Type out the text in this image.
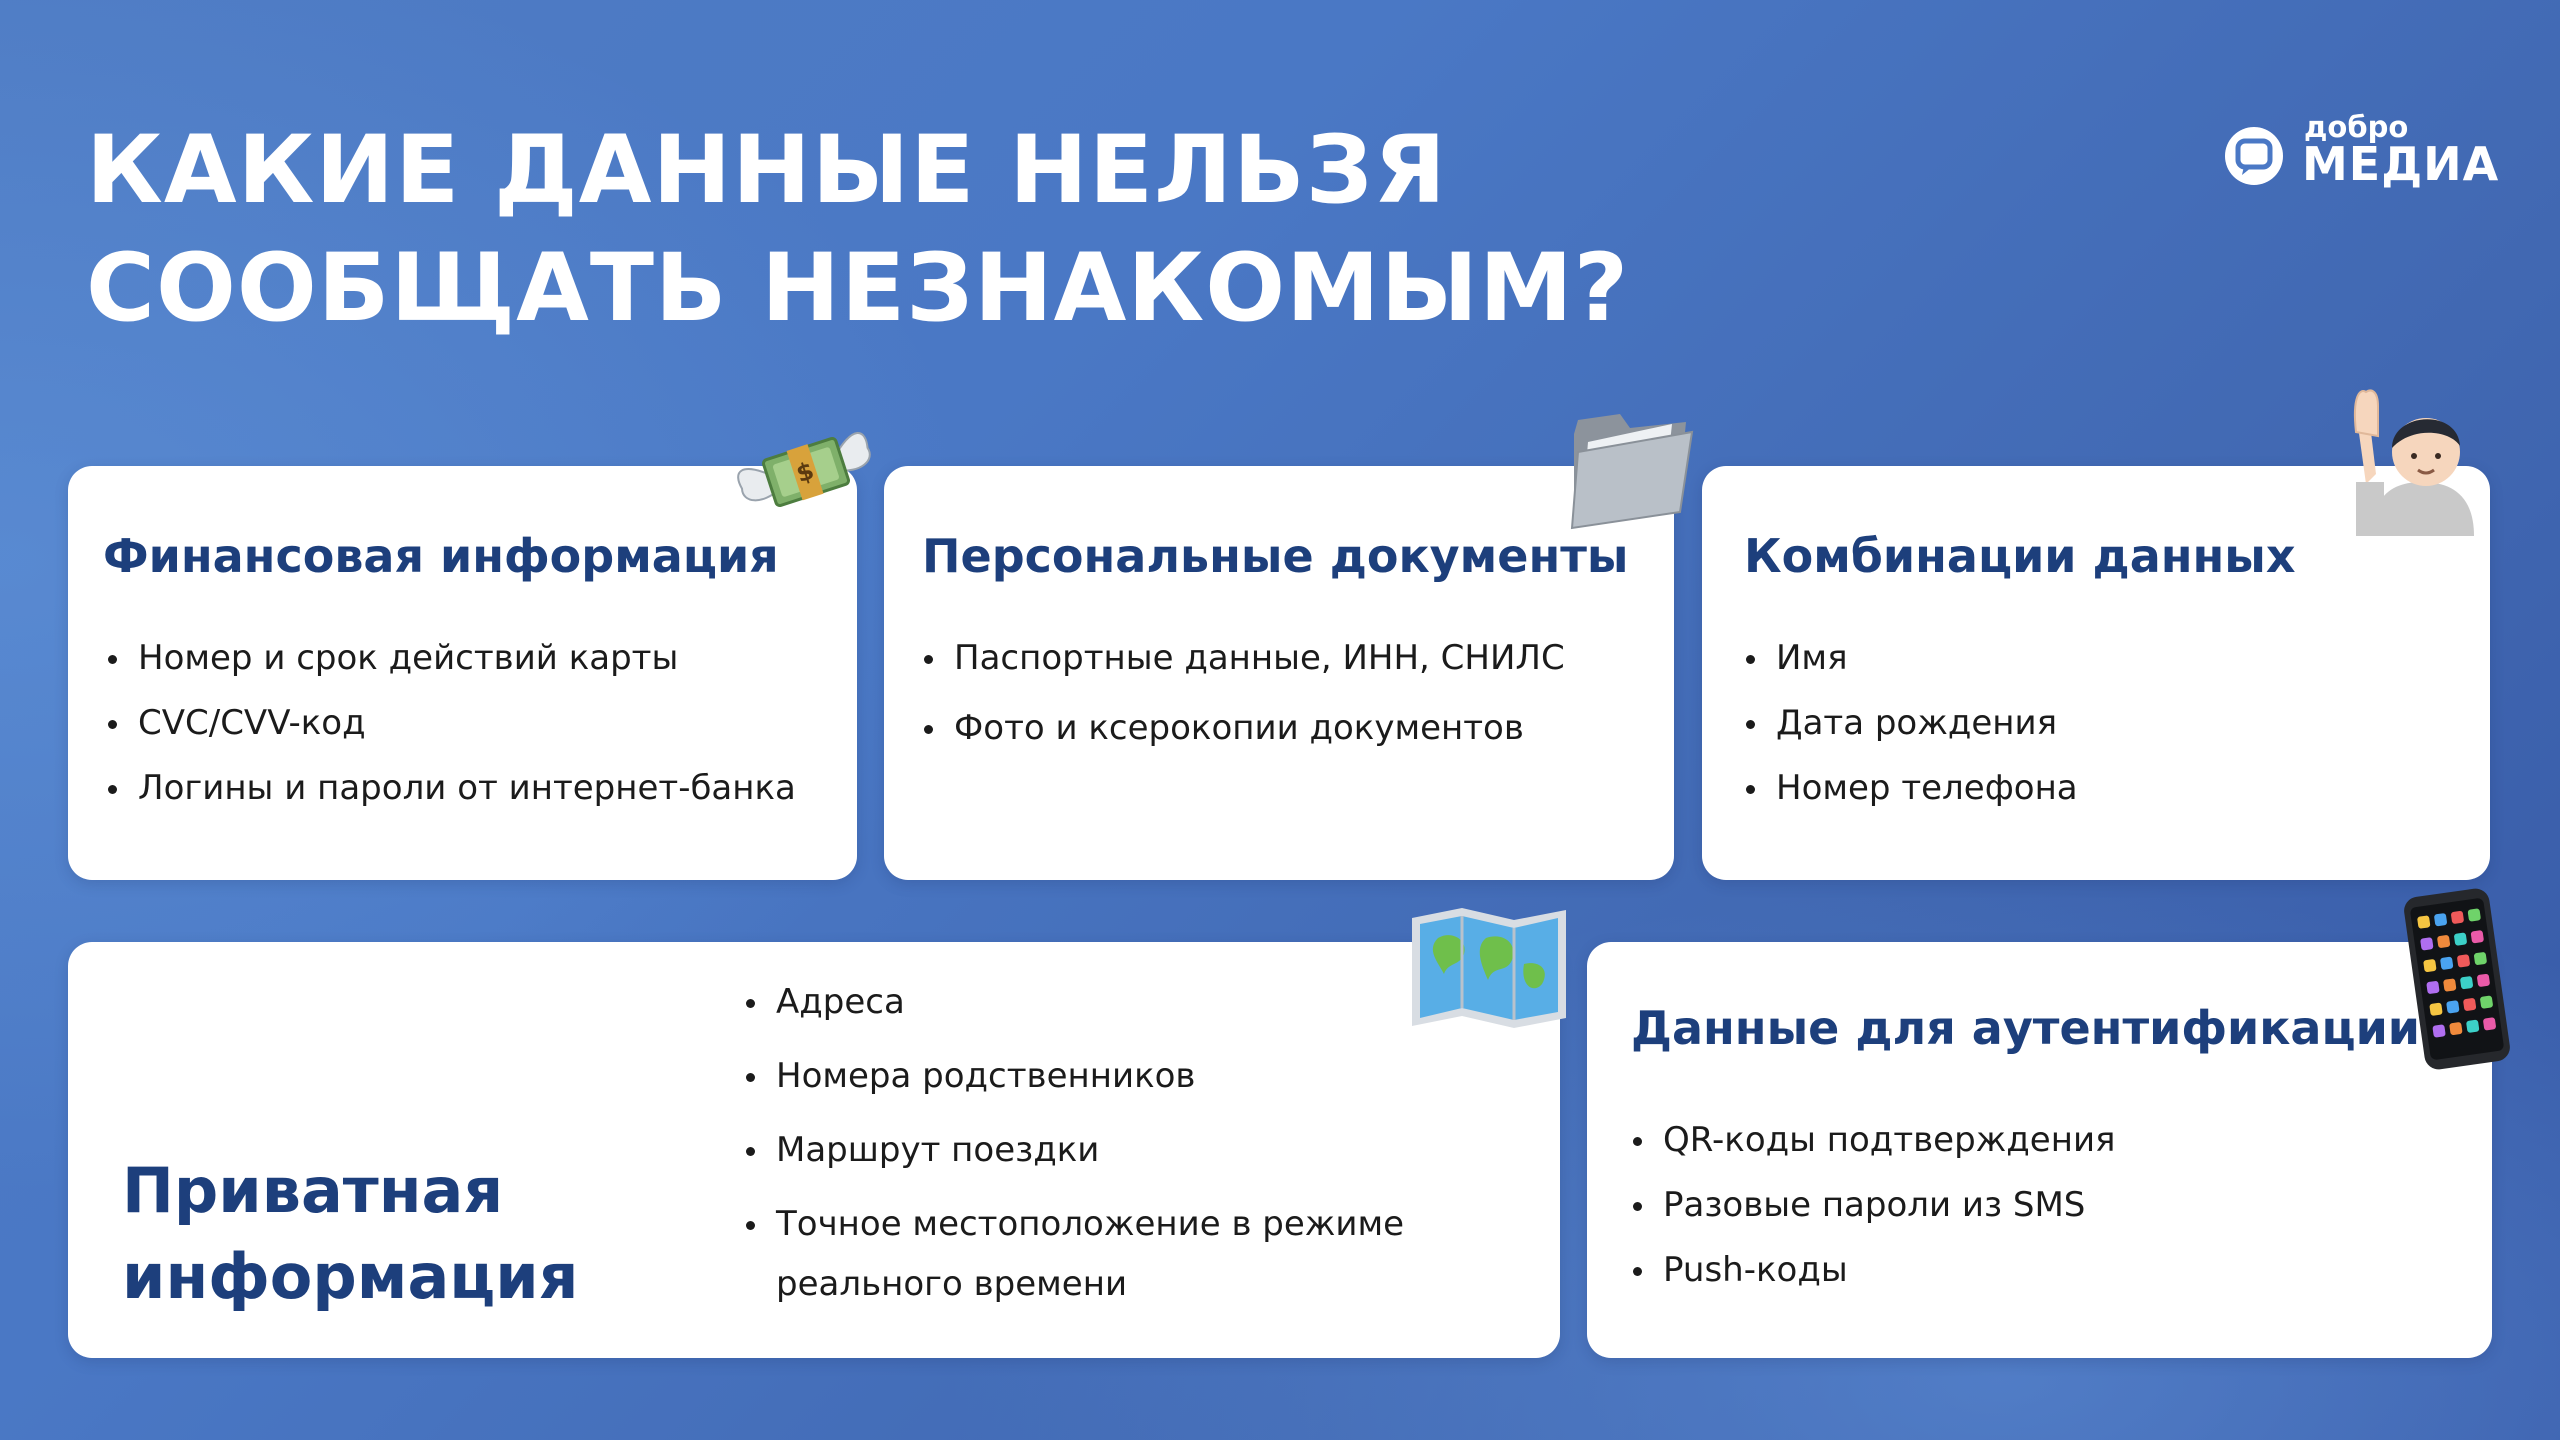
КАКИЕ ДАННЫЕ НЕЛЬЗЯ
СООБЩАТЬ НЕЗНАКОМЫМ?
добро
МЕДИА
Финансовая информация
Номер и срок действий карты
CVC/CVV-код
Логины и пароли от интернет-банка
Персональные документы
Паспортные данные, ИНН, СНИЛС
Фото и ксерокопии документов
Комбинации данных
Имя
Дата рождения
Номер телефона
Приватная
информация
Адреса
Номера родственников
Маршрут поездки
Точное местоположение в режиме
реального времени
Данные для аутентификации
QR-коды подтверждения
Разовые пароли из SMS
Push-коды
$
